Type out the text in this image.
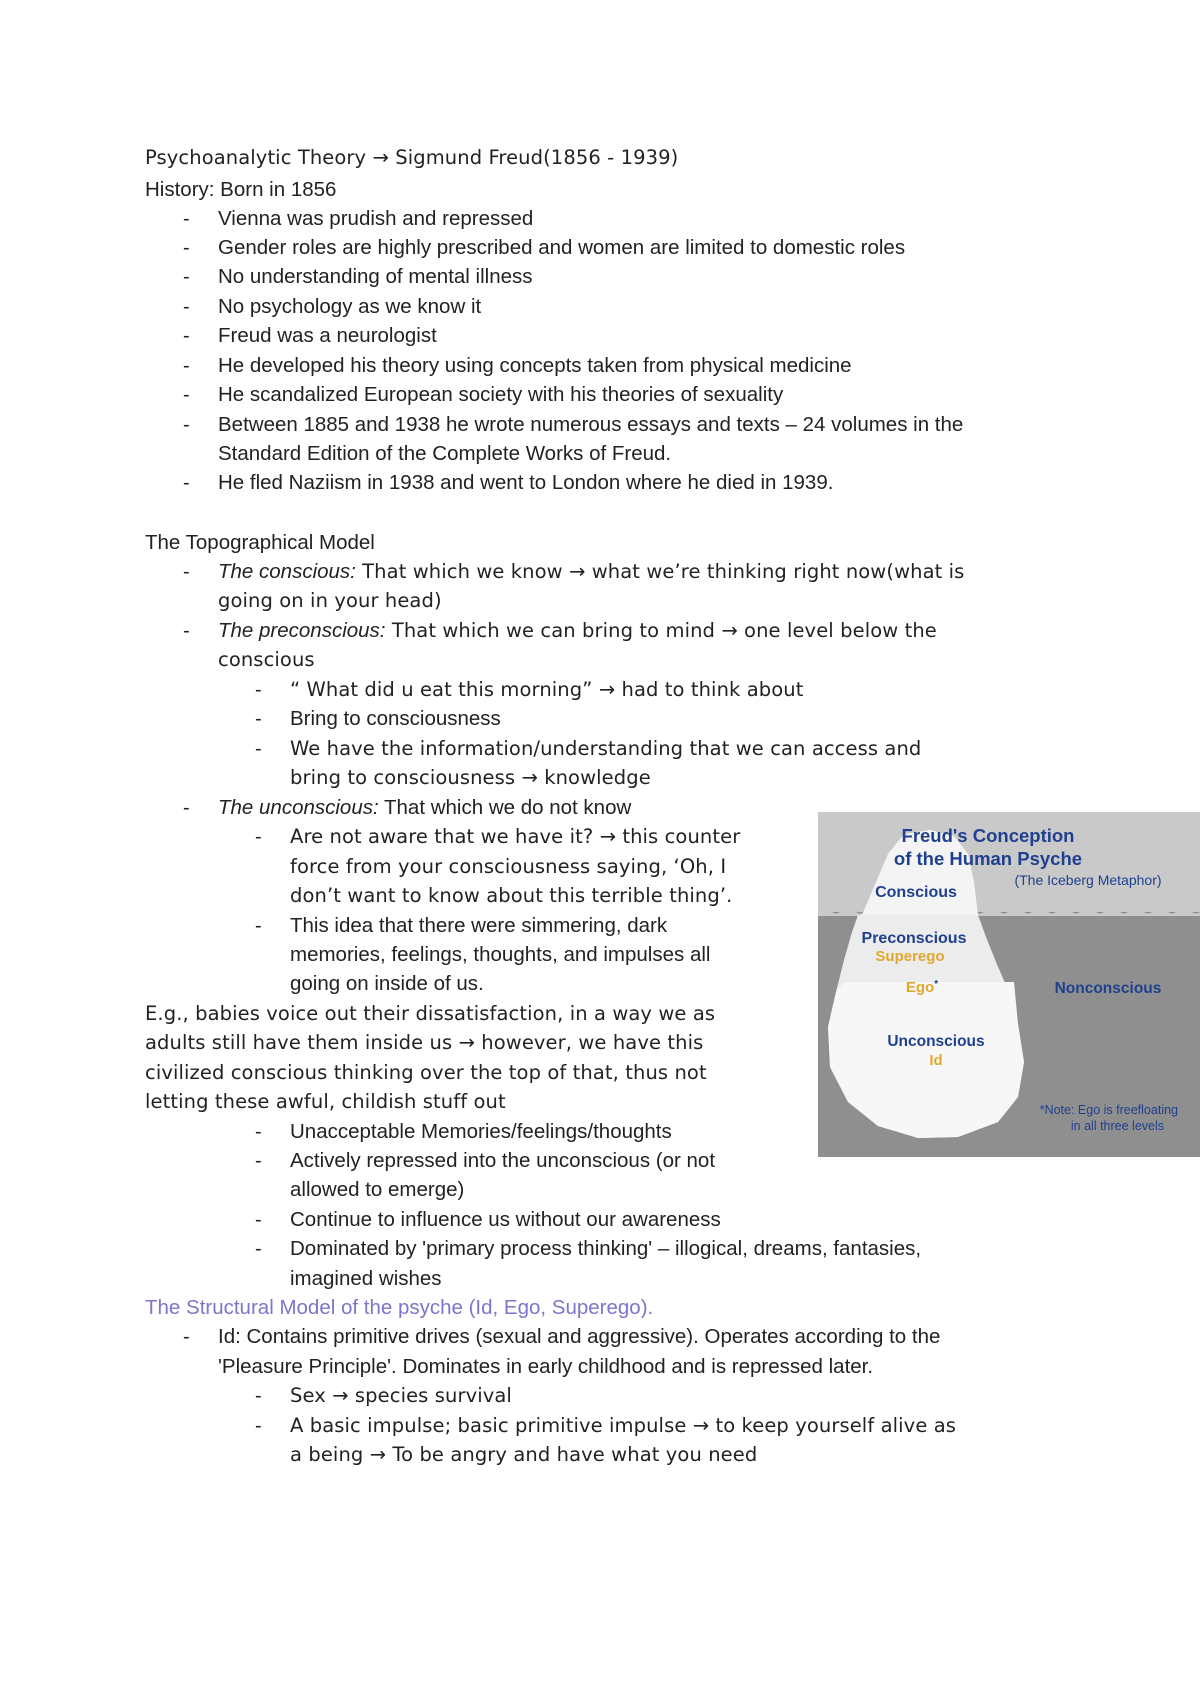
Psychoanalytic Theory → Sigmund Freud(1856 - 1939)
History: Born in 1856
- Vienna was prudish and repressed
- Gender roles are highly prescribed and women are limited to domestic roles
- No understanding of mental illness
- No psychology as we know it
- Freud was a neurologist
- He developed his theory using concepts taken from physical medicine
- He scandalized European society with his theories of sexuality
- Between 1885 and 1938 he wrote numerous essays and texts – 24 volumes in the
Standard Edition of the Complete Works of Freud.
- He fled Naziism in 1938 and went to London where he died in 1939.
The Topographical Model
- The conscious: That which we know → what we’re thinking right now(what is
going on in your head)
- The preconscious: That which we can bring to mind → one level below the
conscious
- “ What did u eat this morning” → had to think about
- Bring to consciousness
- We have the information/understanding that we can access and
bring to consciousness → knowledge
- The unconscious: That which we do not know
- Are not aware that we have it? → this counter
force from your consciousness saying, ‘Oh, I
don’t want to know about this terrible thing’.
- This idea that there were simmering, dark
memories, feelings, thoughts, and impulses all
going on inside of us.
E.g., babies voice out their dissatisfaction, in a way we as
adults still have them inside us → however, we have this
civilized conscious thinking over the top of that, thus not
letting these awful, childish stuff out
- Unacceptable Memories/feelings/thoughts
- Actively repressed into the unconscious (or not
allowed to emerge)
- Continue to influence us without our awareness
- Dominated by 'primary process thinking' – illogical, dreams, fantasies,
imagined wishes
The Structural Model of the psyche (Id, Ego, Superego).
- Id: Contains primitive drives (sexual and aggressive). Operates according to the
'Pleasure Principle'. Dominates in early childhood and is repressed later.
- Sex → species survival
- A basic impulse; basic primitive impulse → to keep yourself alive as
a being → To be angry and have what you need
Freud's Conception
of the Human Psyche
(The Iceberg Metaphor)
Conscious
Preconscious
Superego
Ego*	Nonconscious
Unconscious
Id
*Note: Ego is freefloating
in all three levels
